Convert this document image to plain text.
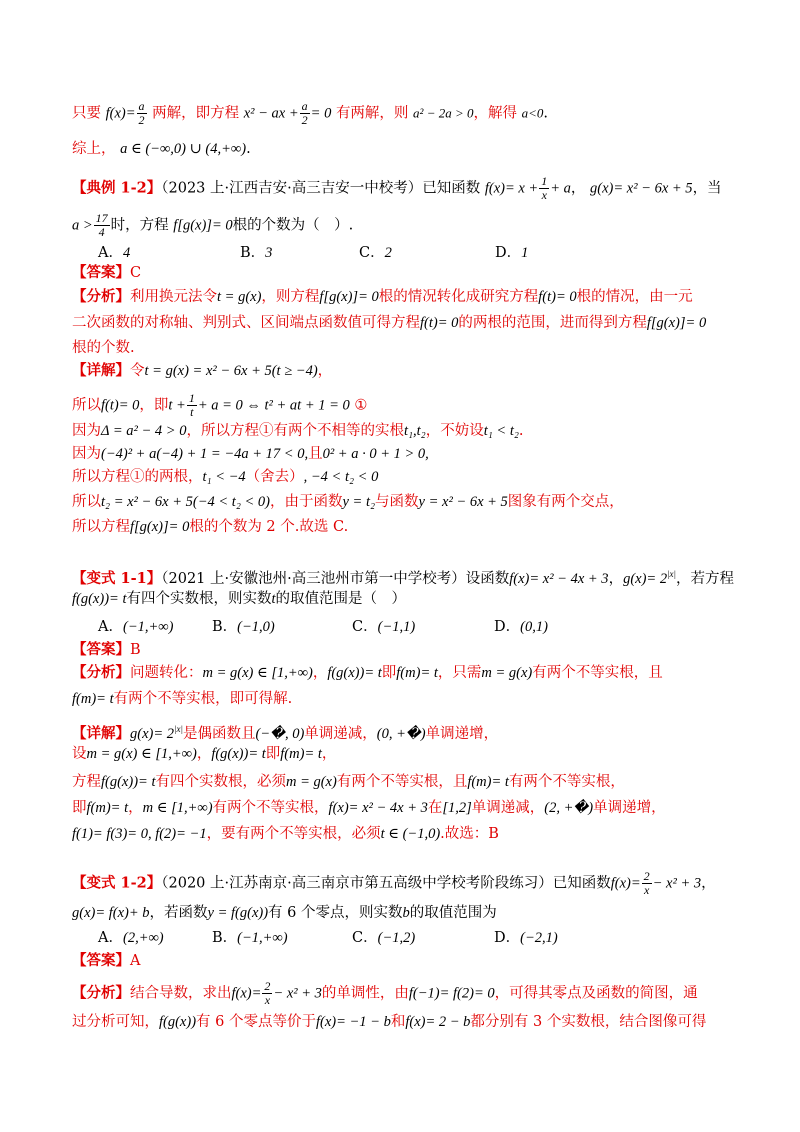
只要 $f(x)= \frac{a}{2}$ 两解，即方程 x² − ax + $\frac{a}{2} = 0$ 有两解，则 a² − 2a > 0，解得 a<0.
综上， a ∈ (−∞,0) ∪ (4,+∞).
【典例 1-2】（2023 上·江西吉安·高三吉安一中校考）已知函数 $f(x)= x + \frac{1}{x} + a$， g(x)= x² − 6x + 5，当
$a > \frac{17}{4}$ 时，方程 f[g(x)]= 0根的个数为（　）.
A．4	B．3	C．2	D．1
【答案】C
【分析】利用换元法令t = g(x)，则方程f[g(x)]= 0根的情况转化成研究方程f(t)= 0根的情况，由一元
二次函数的对称轴、判别式、区间端点函数值可得方程f(t)= 0的两根的范围，进而得到方程f[g(x)]= 0
根的个数.
【详解】令t = g(x) = x² − 6x + 5(t ≥ −4)，
所以f(t)= 0，即$t + \frac{1}{t} + a = 0$ ⇔ t² + at + 1 = 0 ①
因为Δ = a² − 4 > 0，所以方程①有两个不相等的实根t₁,t₂，不妨设t₁ < t₂.
因为(−4)² + a(−4) + 1 = −4a + 17 < 0,且0² + a · 0 + 1 > 0,
所以方程①的两根，t₁ < −4（舍去）, −4 < t₂ < 0
所以t₂ = x² − 6x + 5(−4 < t₂ < 0)，由于函数y = t₂与函数y = x² − 6x + 5图象有两个交点，
所以方程f[g(x)]= 0根的个数为 2 个.故选 C.
【变式 1-1】（2021 上·安徽池州·高三池州市第一中学校考）设函数f(x)= x² − 4x + 3，$g(x)= 2^{|x|}$，若方程
f(g(x))= t有四个实数根，则实数t的取值范围是（　）
A．(−1,+∞)	B．(−1,0)	C．(−1,1)	D．(0,1)
【答案】B
【分析】问题转化：m = g(x) ∈ [1,+∞)，f(g(x))= t即f(m)= t，只需m = g(x)有两个不等实根，且
f(m)= t有两个不等实根，即可得解.
【详解】$g(x)= 2^{|x|}$是偶函数且(−�, 0)单调递减，(0, +�)单调递增，
设m = g(x) ∈ [1,+∞)，f(g(x))= t即f(m)= t，
方程f(g(x))= t有四个实数根，必须m = g(x)有两个不等实根，且f(m)= t有两个不等实根，
即f(m)= t，m ∈ [1,+∞)有两个不等实根，f(x)= x² − 4x + 3在[1,2]单调递减，(2, +�)单调递增，
f(1)= f(3)= 0, f(2)= −1，要有两个不等实根，必须t ∈ (−1,0).故选：B
【变式 1-2】（2020 上·江苏南京·高三南京市第五高级中学校考阶段练习）已知函数$f(x)= \frac{2}{x} - x^2 + 3$，
g(x)= f(x)+ b，若函数y = f(g(x))有 6 个零点，则实数b的取值范围为
A．(2,+∞)	B．(−1,+∞)	C．(−1,2)	D．(−2,1)
【答案】A
【分析】结合导数，求出$f(x)= \frac{2}{x} - x^2 + 3$的单调性，由f(−1)= f(2)= 0，可得其零点及函数的简图，通
过分析可知，f(g(x))有 6 个零点等价于f(x)= −1 − b和f(x)= 2 − b都分别有 3 个实数根，结合图像可得
